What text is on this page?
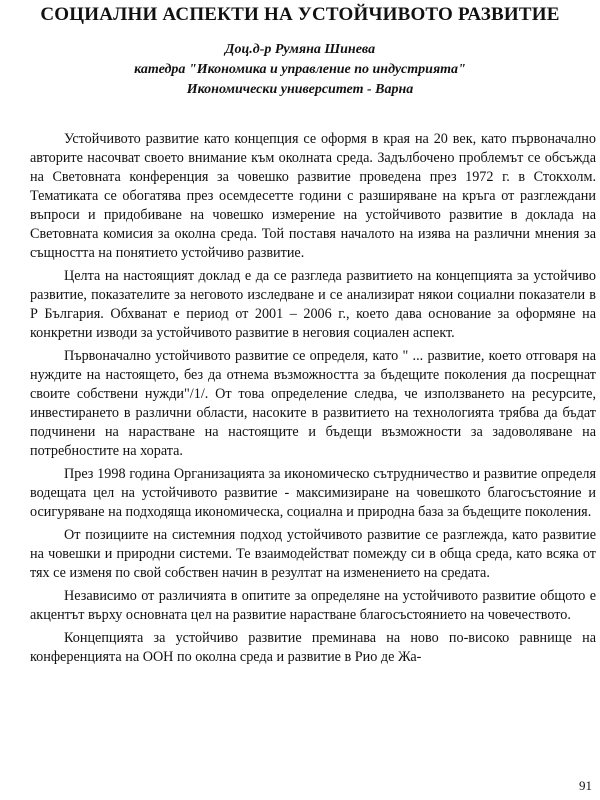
СОЦИАЛНИ АСПЕКТИ НА УСТОЙЧИВОТО РАЗВИТИЕ
Доц.д-р Румяна Шинева
катедра "Икономика и управление по индустрията"
Икономически университет - Варна

Устойчивото развитие като концепция се оформя в края на 20 век, като първоначално авторите насочват своето внимание към околната среда. Задълбочено проблемът се обсъжда на Световната конференция за човешко развитие проведена през 1972 г. в Стокхолм. Тематиката се обогатява през осемдесетте години с разширяване на кръга от разглеждани въпроси и придобиване на човешко измерение на устойчивото развитие в доклада на Световната комисия за околна среда. Той поставя началото на изява на различни мнения за същността на понятието устойчиво развитие.

Целта на настоящият доклад е да се разгледа развитието на концепцията за устойчиво развитие, показателите за неговото изследване и се анализират някои социални показатели в Р България. Обхванат е период от 2001 – 2006 г., което дава основание за оформяне на конкретни изводи за устойчивото развитие в неговия социален аспект.

Първоначално устойчивото развитие се определя, като " ... развитие, което отговаря на нуждите на настоящето, без да отнема възможността за бъдещите поколения да посрещнат своите собствени нужди"/1/. От това определение следва, че използването на ресурсите, инвестирането в различни области, насоките в развитието на технологията трябва да бъдат подчинени на нарастване на настоящите и бъдещи възможности за задоволяване на потребностите на хората.

През 1998 година Организацията за икономическо сътрудничество и развитие определя водещата цел на устойчивото развитие - максимизиране на човешкото благосъстояние и осигуряване на подходяща икономическа, социална и природна база за бъдещите поколения.

От позициите на системния подход устойчивото развитие се разглежда, като развитие на човешки и природни системи. Те взаимодействат помежду си в обща среда, като всяка от тях се изменя по свой собствен начин в резултат на изменението на средата.

Независимо от различията в опитите за определяне на устойчивото развитие общото е акцентът върху основната цел на развитие нарастване благосъстоянието на човечеството.

Концепцията за устойчиво развитие преминава на ново по-високо равнище на конференцията на ООН по околна среда и развитие в Рио де Жа-

91
